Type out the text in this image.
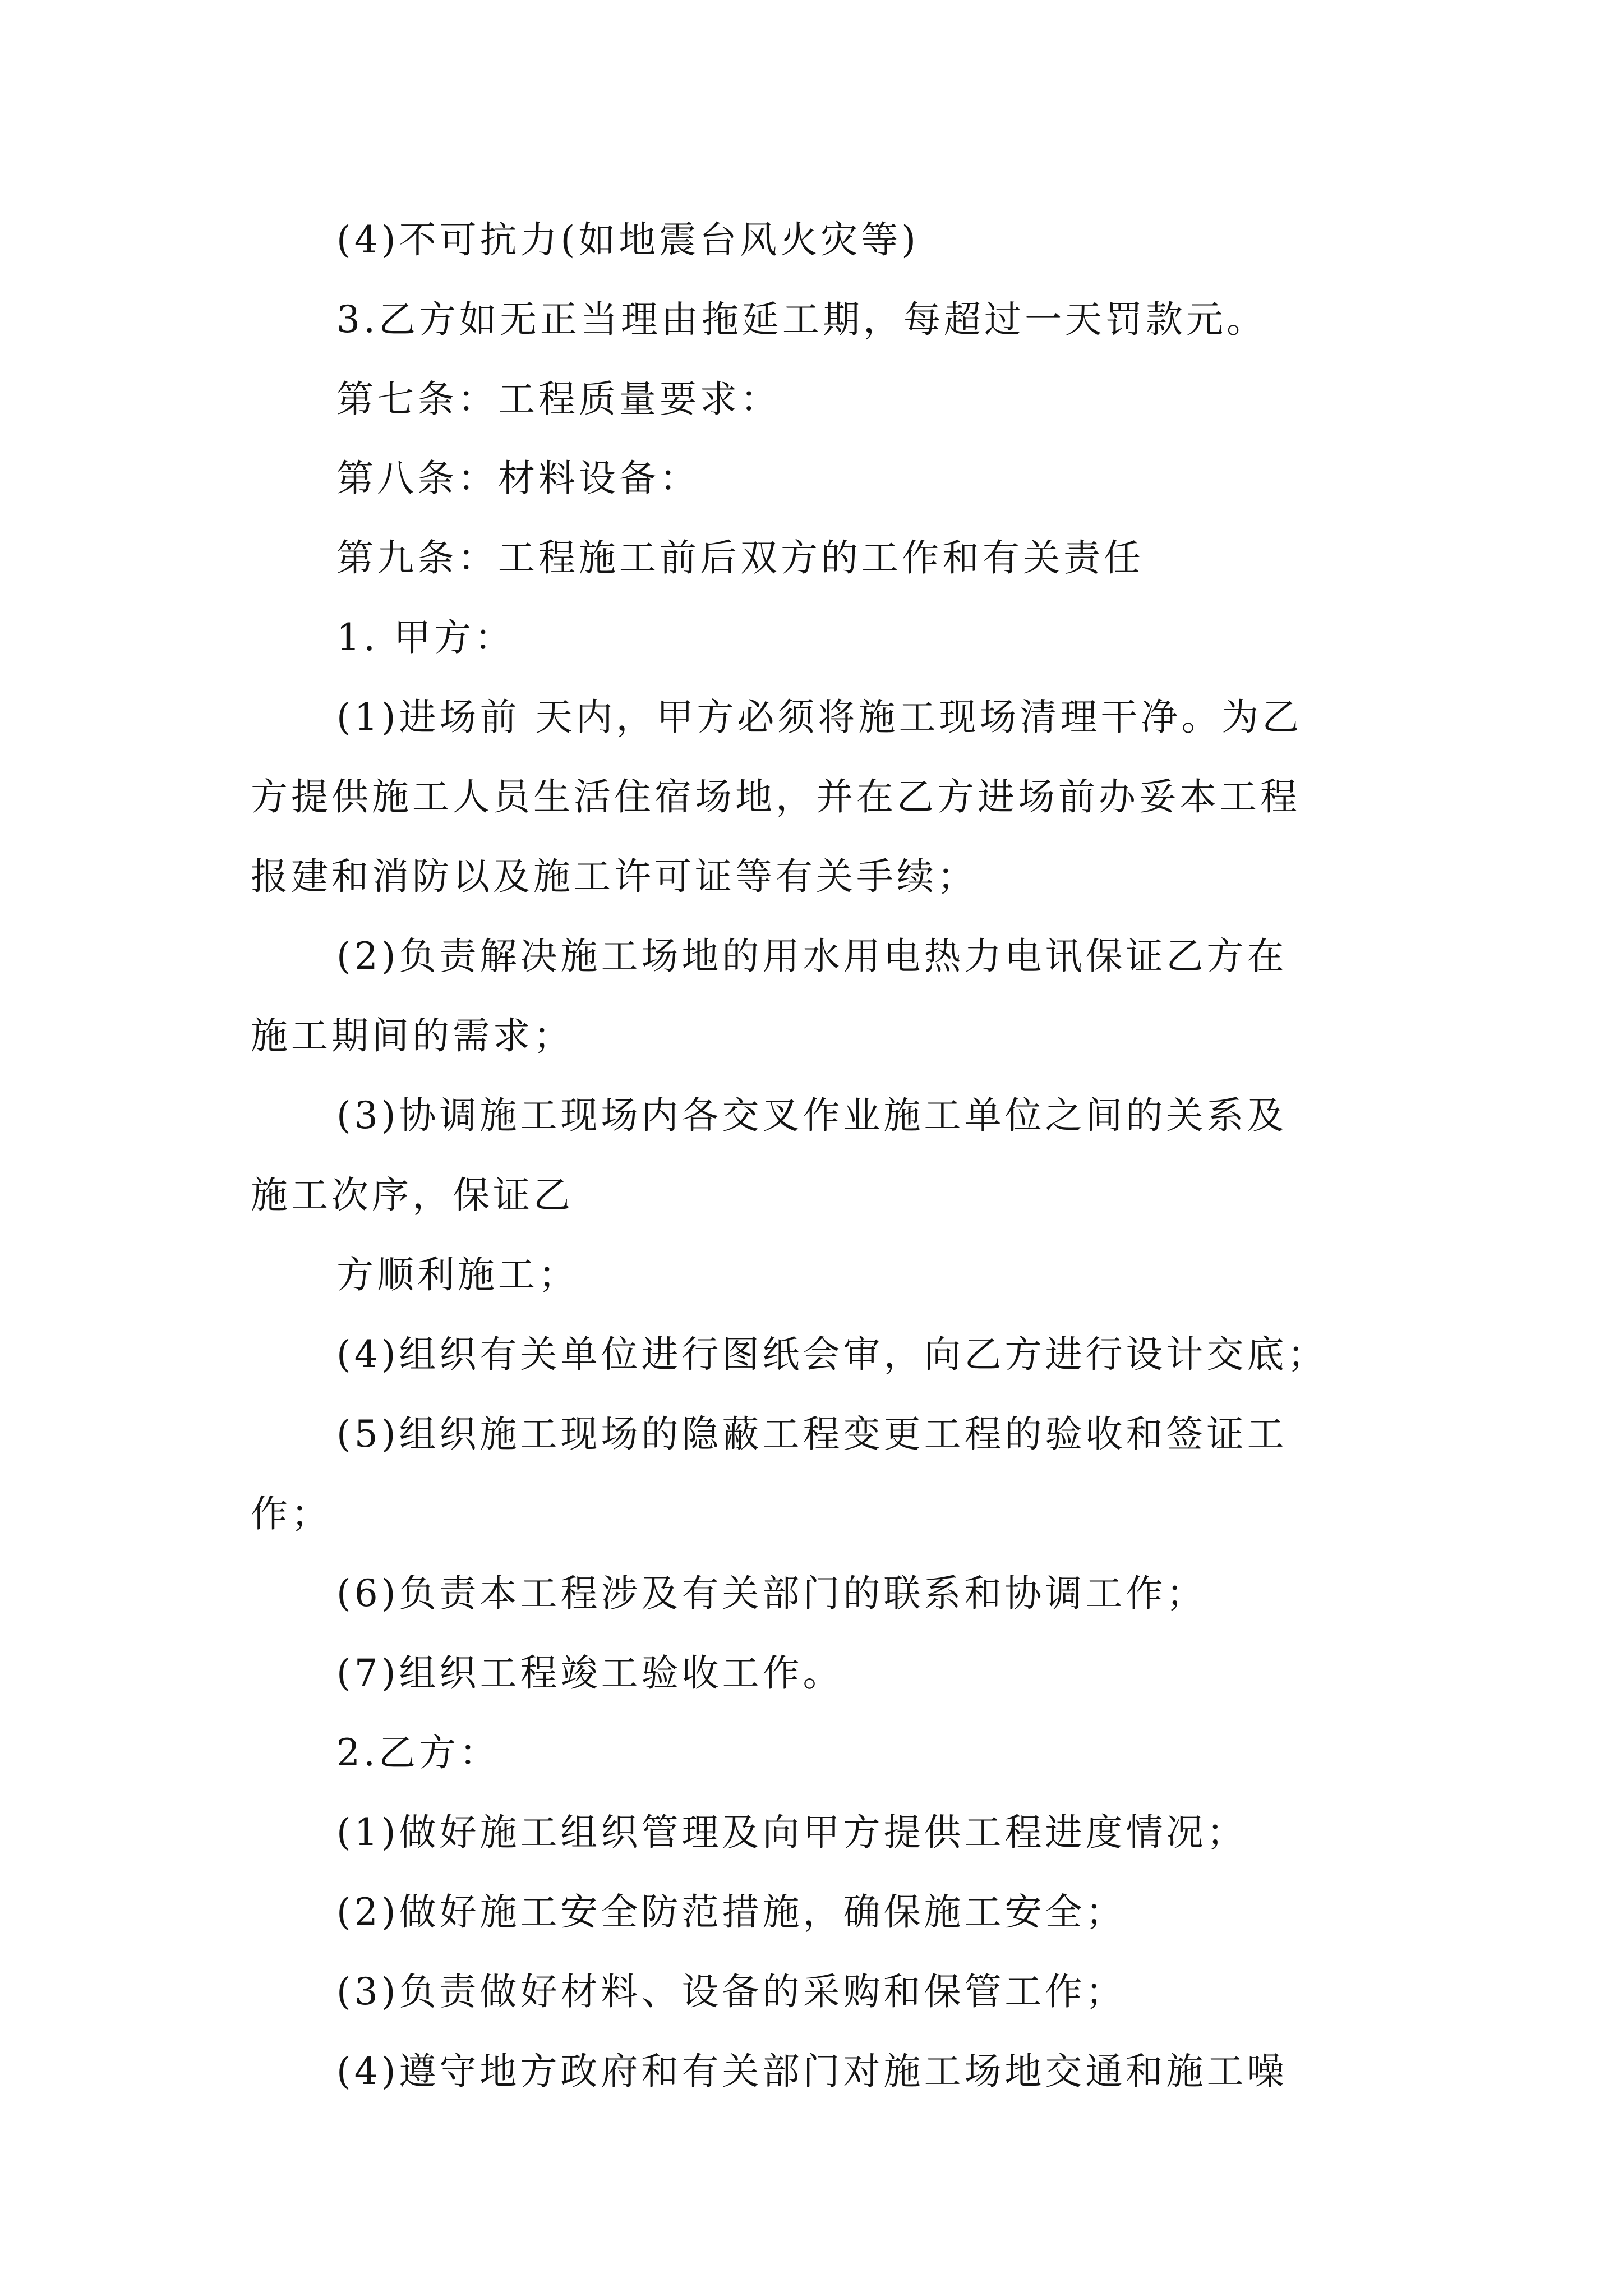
(4)不可抗力(如地震台风火灾等)
3.乙方如无正当理由拖延工期，每超过一天罚款元。
第七条：工程质量要求：
第八条：材料设备：
第九条：工程施工前后双方的工作和有关责任
1. 甲方：
(1)进场前 天内，甲方必须将施工现场清理干净。为乙
方提供施工人员生活住宿场地，并在乙方进场前办妥本工程
报建和消防以及施工许可证等有关手续；
(2)负责解决施工场地的用水用电热力电讯保证乙方在
施工期间的需求；
(3)协调施工现场内各交叉作业施工单位之间的关系及
施工次序，保证乙
方顺利施工；
(4)组织有关单位进行图纸会审，向乙方进行设计交底；
(5)组织施工现场的隐蔽工程变更工程的验收和签证工
作；
(6)负责本工程涉及有关部门的联系和协调工作；
(7)组织工程竣工验收工作。
2.乙方：
(1)做好施工组织管理及向甲方提供工程进度情况；
(2)做好施工安全防范措施，确保施工安全；
(3)负责做好材料、设备的采购和保管工作；
(4)遵守地方政府和有关部门对施工场地交通和施工噪
